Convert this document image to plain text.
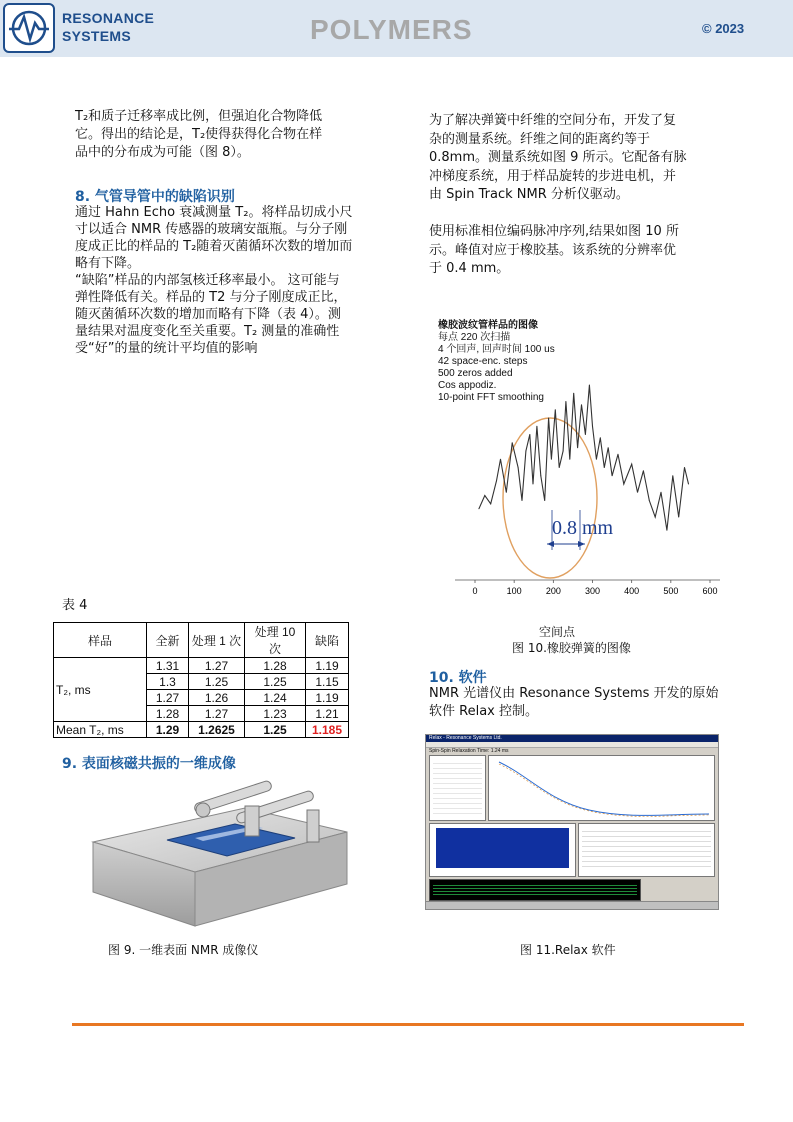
RESONANCE
SYSTEMS	POLYMERS	© 2023
T₂和质子迁移率成比例，但强迫化合物降低
它。得出的结论是，T₂使得获得化合物在样
品中的分布成为可能（图 8）。
8. 气管导管中的缺陷识别
通过 Hahn Echo 衰减测量 T₂。将样品切成小尺
寸以适合 NMR 传感器的玻璃安瓿瓶。与分子刚
度成正比的样品的 T₂随着灭菌循环次数的增加而
略有下降。
“缺陷”样品的内部氢核迁移率最小。 这可能与
弹性降低有关。样品的 T2 与分子刚度成正比，
随灭菌循环次数的增加而略有下降（表 4）。测
量结果对温度变化至关重要。T₂ 测量的准确性
受“好”的量的统计平均值的影响
表 4
样品	全新	处理 1 次	处理 10 次	缺陷
T₂, ms	1.31	1.27	1.28	1.19
	1.3	1.25	1.25	1.15
	1.27	1.26	1.24	1.19
	1.28	1.27	1.23	1.21
Mean T₂, ms	1.29	1.2625	1.25	1.185
9. 表面核磁共振的一维成像
图 9. 一维表面 NMR 成像仪
为了解决弹簧中纤维的空间分布，开发了复
杂的测量系统。纤维之间的距离约等于
0.8mm。测量系统如图 9 所示。它配备有脉
冲梯度系统，用于样品旋转的步进电机，并
由 Spin Track NMR 分析仪驱动。
使用标准相位编码脉冲序列,结果如图 10 所
示。峰值对应于橡胶基。该系统的分辨率优
于 0.4 mm。
橡胶波纹管样品的图像
每点 220 次扫描
4 个回声, 回声时间 100 us
42 space-enc. steps
500 zeros added
Cos appodiz.
10-point FFT smoothing
0.8 mm
0	100	200	300	400	500	600
空间点
图 10.橡胶弹簧的图像
10. 软件
NMR 光谱仪由 Resonance Systems 开发的原始
软件 Relax 控制。
Relax - Resonance Systems Ltd.
Spin-Spin Relaxation Time: 1.24 ms
图 11.Relax 软件
